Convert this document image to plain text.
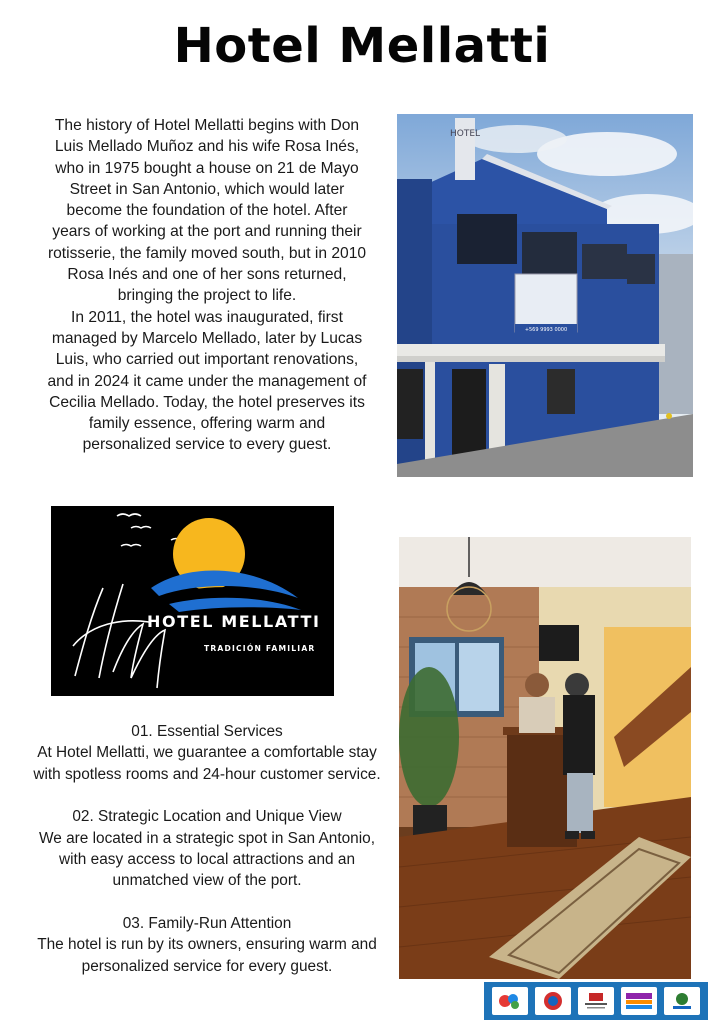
Hotel Mellatti

The history of Hotel Mellatti begins with Don
Luis Mellado Muñoz and his wife Rosa Inés,
who in 1975 bought a house on 21 de Mayo
Street in San Antonio, which would later
become the foundation of the hotel. After
years of working at the port and running their
rotisserie, the family moved south, but in 2010
Rosa Inés and one of her sons returned,
bringing the project to life.

In 2011, the hotel was inaugurated, first
managed by Marcelo Mellado, later by Lucas
Luis, who carried out important renovations,
and in 2024 it came under the management of
Cecilia Mellado. Today, the hotel preserves its
family essence, offering warm and
personalized service to every guest.

HOTEL
+569 9993 0000
HOTEL MELLATTI
TRADICIÓN FAMILIAR
01. Essential Services
At Hotel Mellatti, we guarantee a comfortable stay
with spotless rooms and 24-hour customer service.
02. Strategic Location and Unique View
We are located in a strategic spot in San Antonio,
with easy access to local attractions and an
unmatched view of the port.
03. Family-Run Attention
The hotel is run by its owners, ensuring warm and
personalized service for every guest.
